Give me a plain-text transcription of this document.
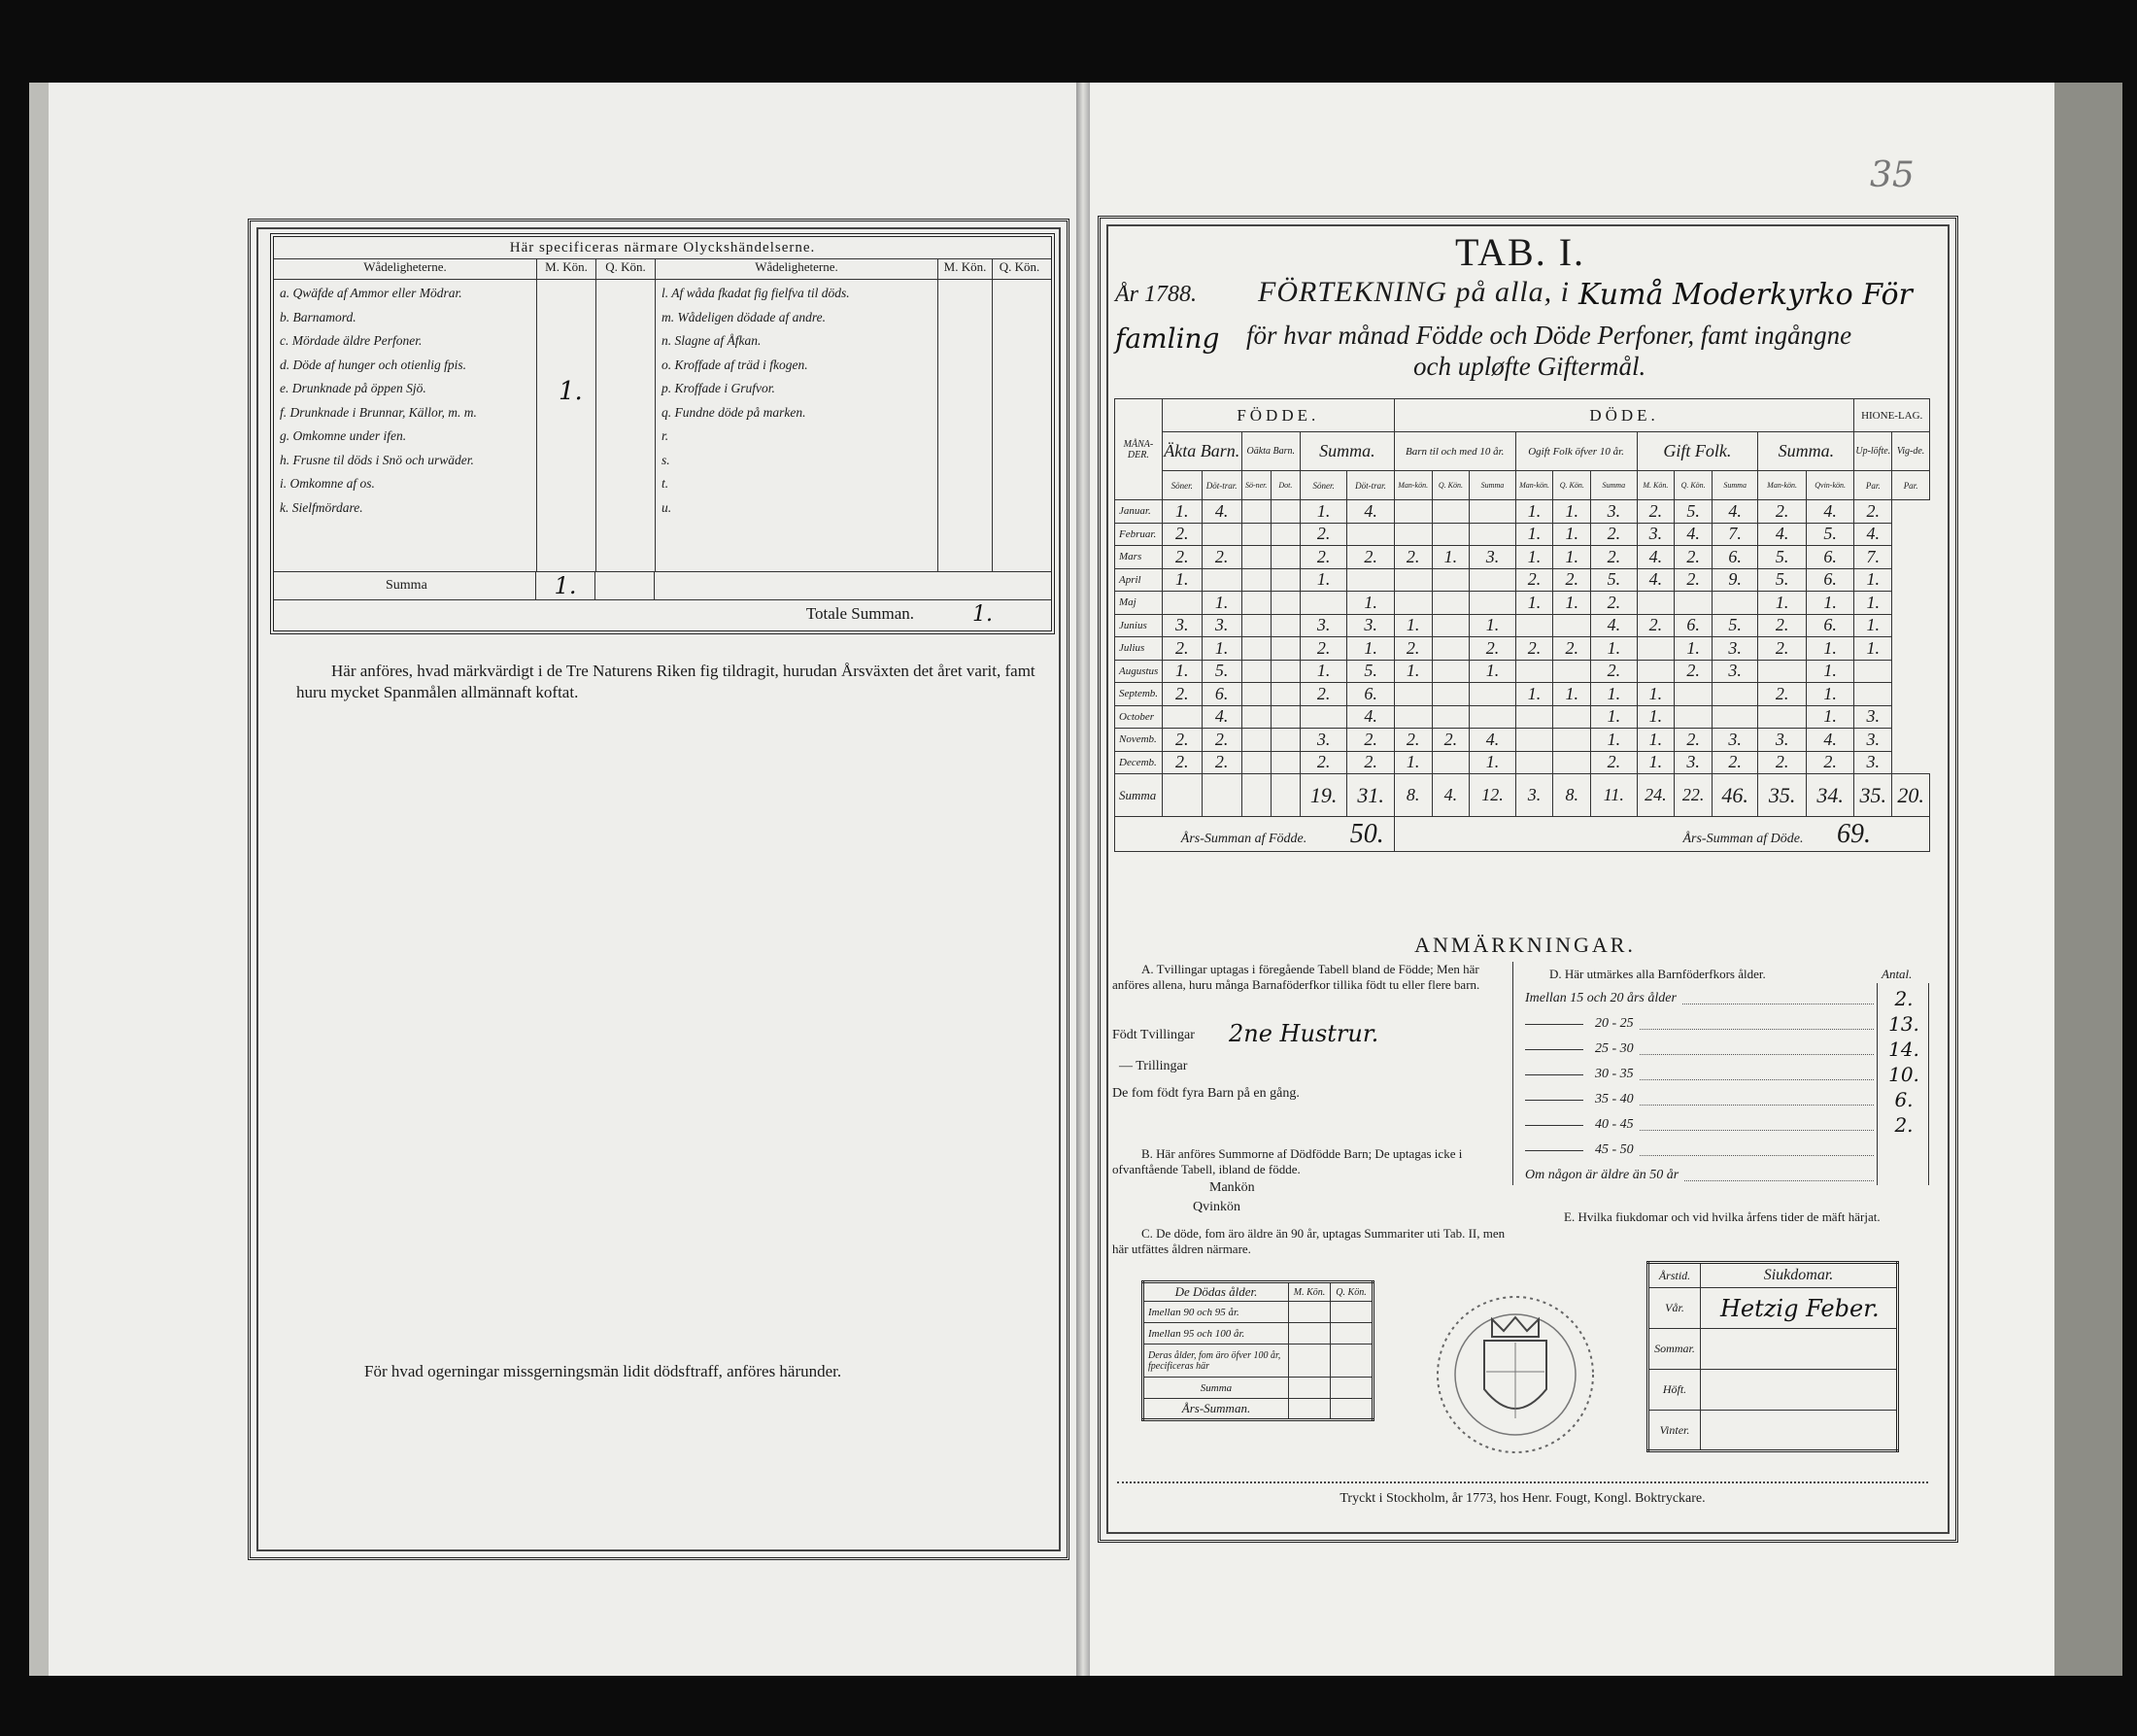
35
Här specificeras närmare Olyckshändelserne.
Wådeligheterne.	M. Kön.	Q. Kön.	Wådeligheterne.	M. Kön.	Q. Kön.
a. Qwäfde af Ammor eller Mödrar.
b. Barnamord.
c. Mördade äldre Perfoner.
d. Döde af hunger och otienlig fpis.
e. Drunknade på öppen Sjö.
f. Drunknade i Brunnar, Källor, m. m.
g. Omkomne under ifen.
h. Frusne til döds i Snö och urwäder.
i. Omkomne af os.
k. Sielfmördare.
1.
l. Af wåda fkadat fig fielfva til döds.
m. Wådeligen dödade af andre.
n. Slagne af Åfkan.
o. Kroffade af träd i fkogen.
p. Kroffade i Grufvor.
q. Fundne döde på marken.
r.
s.
t.
u.
Summa	1.
Totale Summan.	1.
Här anföres, hvad märkvärdigt i de Tre Naturens Riken fig tildragit, hurudan Årsväxten det året varit, famt huru mycket Spanmålen allmännaft koftat.
För hvad ogerningar missgerningsmän lidit dödsftraff, anföres härunder.
TAB. I.
År 1788. FÖRTEKNING på alla, i Kumå Moderkyrko För
famling för hvar månad Födde och Döde Perfoner, famt ingångne
och upløfte Giftermål.
MÅNA-DER.	FÖDDE.						DÖDE.											HIONE-LAG.	
	Äkta Barn.		Oäkta Barn.		Summa.		Barn til och med 10 år.			Ogift Folk öfver 10 år.			Gift Folk.			Summa.		Up-löfte.	Vig-de.
	Söner.	Döt-trar.	Sö-ner.	Dot.	Söner.	Döt-trar.	Man-kön.	Q. Kön.	Summa	Man-kön.	Q. Kön.	Summa	M. Kön.	Q. Kön.	Summa	Man-kön.	Qvin-kön.	Par.	Par.
Januar.	1.	4.			1.	4.				1.	1.	3.	2.	5.	4.	2.	4.	2.	
Februar.	2.				2.					1.	1.	2.	3.	4.	7.	4.	5.	4.	
Mars	2.	2.			2.	2.	2.	1.	3.	1.	1.	2.	4.	2.	6.	5.	6.	7.	
April	1.				1.					2.	2.	5.	4.	2.	9.	5.	6.	1.	
Maj		1.				1.				1.	1.	2.				1.	1.	1.	
Junius	3.	3.			3.	3.	1.		1.			4.	2.	6.	5.	2.	6.	1.	
Julius	2.	1.			2.	1.	2.		2.	2.	2.	1.		1.	3.	2.	1.	1.	
Augustus	1.	5.			1.	5.	1.		1.			2.		2.	3.		1.		
Septemb.	2.	6.			2.	6.				1.	1.	1.	1.			2.	1.		
October		4.				4.						1.	1.				1.	3.	
Novemb.	2.	2.			3.	2.	2.	2.	4.			1.	1.	2.	3.	3.	4.	3.	
Decemb.	2.	2.			2.	2.	1.		1.			2.	1.	3.	2.	2.	2.	3.	
Summa					19.	31.	8.	4.	12.	3.	8.	11.	24.	22.	46.	35.	34.	35.	20.
Års-Summan af Födde. 50.							Års-Summan af Döde. 69.												
ANMÄRKNINGAR.
A. Tvillingar uptagas i föregående Tabell bland de Födde; Men här anföres allena, huru många Barnaföderfkor tillika födt tu eller flere barn.
Födt Tvillingar 2ne Hustrur.
— Trillingar
De fom födt fyra Barn på en gång.
B. Här anföres Summorne af Dödfödde Barn; De uptagas icke i ofvanftående Tabell, ibland de födde.
Mankön
Qvinkön
C. De döde, fom äro äldre än 90 år, uptagas Summariter uti Tab. II, men här utfättes åldren närmare.
De Dödas ålder.	M. Kön.	Q. Kön.
Imellan 90 och 95 år.		
Imellan 95 och 100 år.		
Deras ålder, fom äro öfver 100 år, fpecificeras här		
Summa		
Års-Summan.		
D. Här utmärkes alla Barnföderfkors ålder.	Antal.
Imellan 15 och 20 års ålder	2.
20 - 25	13.
25 - 30	14.
30 - 35	10.
35 - 40	6.
40 - 45	2.
45 - 50
Om någon är äldre än 50 år
E. Hvilka fiukdomar och vid hvilka årfens tider de mäft härjat.
Årstid.	Siukdomar.
Vår.	Hetzig Feber.
Sommar.	
Höft.	
Vinter.	
Tryckt i Stockholm, år 1773, hos Henr. Fougt, Kongl. Boktryckare.
